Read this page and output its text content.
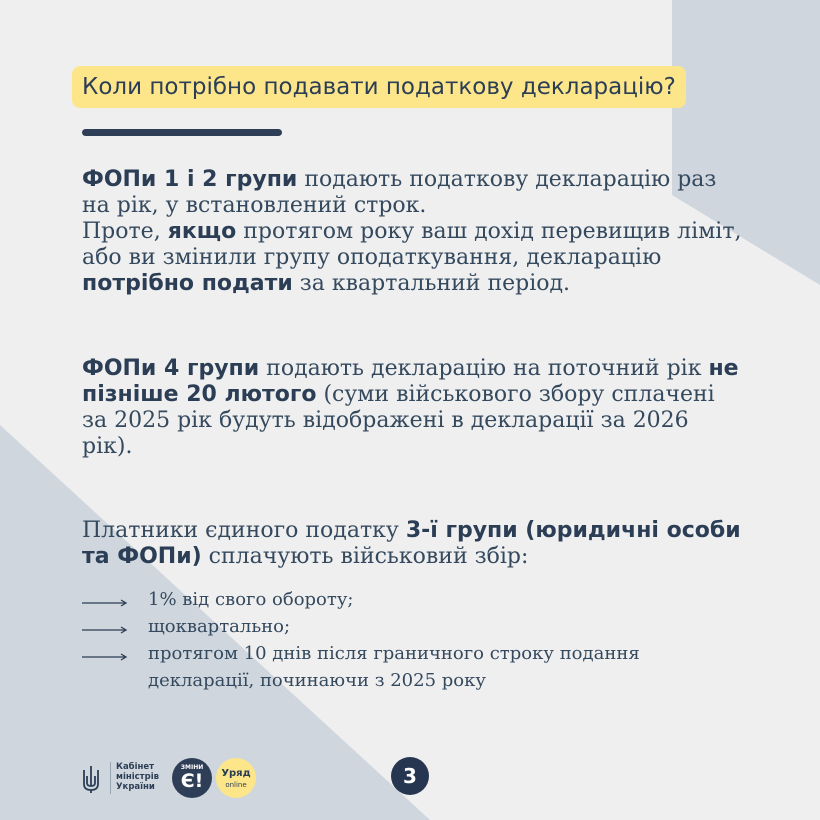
Коли потрібно подавати податкову декларацію?
ФОПи 1 і 2 групи подають податкову декларацію раз на рік, у встановлений строк.
Проте, якщо протягом року ваш дохід перевищив ліміт, або ви змінили групу оподаткування, декларацію потрібно подати за квартальний період.
ФОПи 4 групи подають декларацію на поточний рік не пізніше 20 лютого (суми військового збору сплачені за 2025 рік будуть відображені в декларації за 2026 рік).
Платники єдиного податку 3-ї групи (юридичні особи та ФОПи) сплачують військовий збір:
1% від свого обороту;
щоквартально;
протягом 10 днів після граничного строку подання декларації, починаючи з 2025 року
Кабінет
міністрів
України
ЗМІНИ
Є!	Уряд
online	3
